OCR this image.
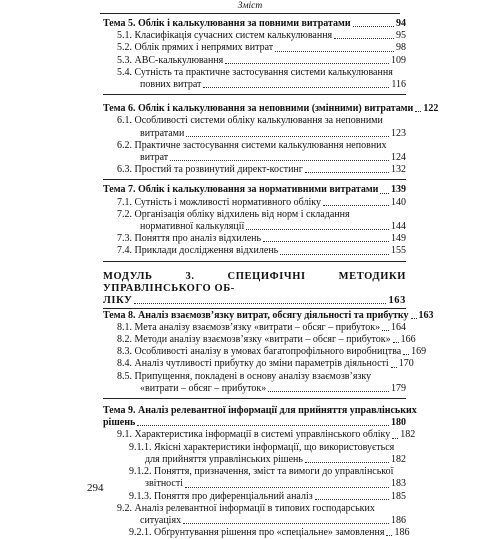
Зміст
Тема 5. Облік і калькулювання за повними витратами	94
5.1. Класифікація сучасних систем калькулювання	95
5.2. Облік прямих і непрямих витрат	98
5.3. АВС-калькулювання	109
5.4. Сутність та практичне застосування системи калькулювання
повних витрат	116
Тема 6. Облік і калькулювання за неповними (змінними) витратами 122
6.1. Особливості системи обліку калькулювання за неповними
витратами	123
6.2. Практичне застосування системи калькулювання неповних
витрат	124
6.3. Простий та розвинутий директ-костинг	132
Тема 7. Облік і калькулювання за нормативними витратами 139
7.1. Сутність і можливості нормативного обліку	140
7.2. Організація обліку відхилень від норм і складання
нормативної калькуляції	144
7.3. Поняття про аналіз відхилень	149
7.4. Приклади дослідження відхилень	155
МОДУЛЬ 3. СПЕЦИФІЧНІ МЕТОДИКИ УПРАВЛІНСЬКОГО ОБ-
ЛІКУ	163
Тема 8. Аналіз взаємозв’язку витрат, обсягу діяльності та прибутку 163
8.1. Мета аналізу взаємозв’язку «витрати – обсяг – прибуток» 164
8.2. Методи аналізу взаємозв’язку «витрати – обсяг – прибуток» 166
8.3. Особливості аналізу в умовах багатопрофільного виробництва 169
8.4. Аналіз чутливості прибутку до зміни параметрів діяльності 170
8.5. Припущення, покладені в основу аналізу взаємозв’язку
«витрати – обсяг – прибуток»	179
Тема 9. Аналіз релевантної інформації для прийняття управлінських
рішень	180
9.1. Характеристика інформації в системі управлінського обліку 182
9.1.1. Якісні характеристики інформації, що використовується
для прийняття управлінських рішень	182
9.1.2. Поняття, призначення, зміст та вимоги до управлінської
звітності	183
9.1.3. Поняття про диференціальний аналіз	185
9.2. Аналіз релевантної інформації в типових господарських
ситуаціях	186
9.2.1. Обґрунтування рішення про «спеціальне» замовлення 186
294
